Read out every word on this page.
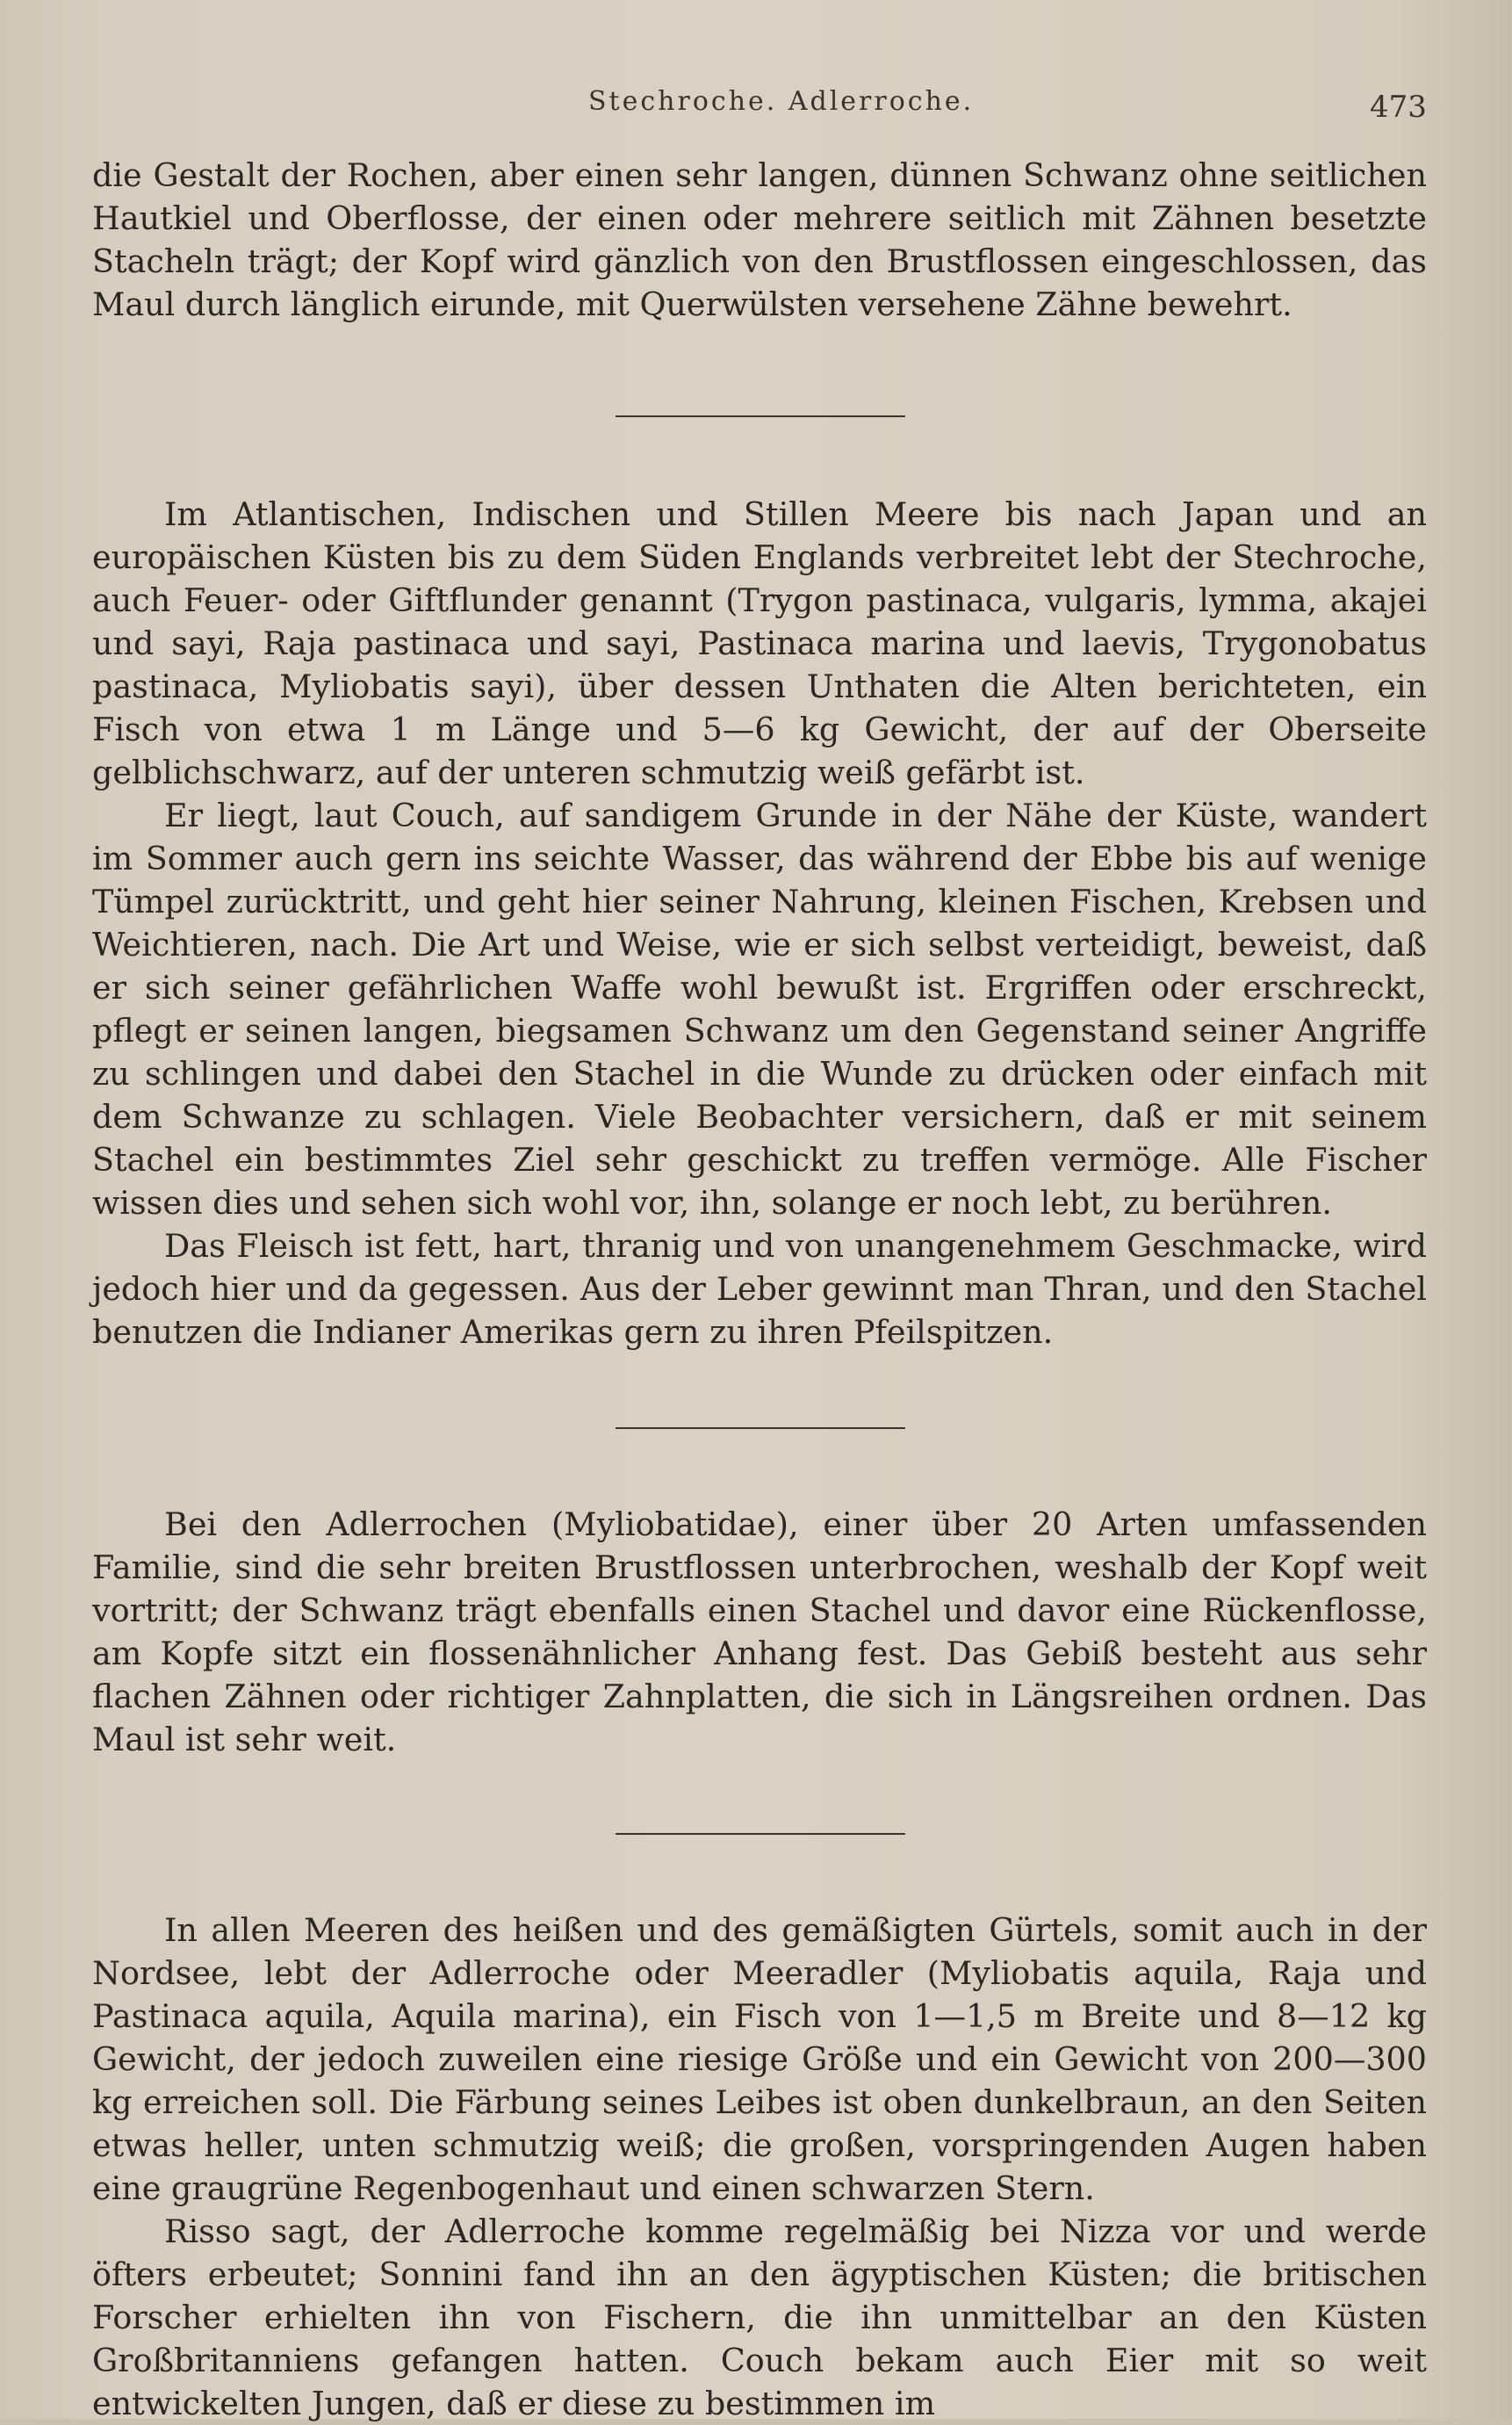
Stechroche. Adlerroche.	473

die Gestalt der Rochen, aber einen sehr langen, dünnen Schwanz ohne seitlichen Hautkiel und Oberflosse, der einen oder mehrere seitlich mit Zähnen besetzte Stacheln trägt; der Kopf wird gänzlich von den Brustflossen eingeschlossen, das Maul durch länglich eirunde, mit Querwülsten versehene Zähne bewehrt.

Im Atlantischen, Indischen und Stillen Meere bis nach Japan und an europäischen Küsten bis zu dem Süden Englands verbreitet lebt der Stechroche, auch Feuer- oder Giftflunder genannt (Trygon pastinaca, vulgaris, lymma, akajei und sayi, Raja pastinaca und sayi, Pastinaca marina und laevis, Trygonobatus pastinaca, Myliobatis sayi), über dessen Unthaten die Alten berichteten, ein Fisch von etwa 1 m Länge und 5—6 kg Gewicht, der auf der Oberseite gelblichschwarz, auf der unteren schmutzig weiß gefärbt ist.

Er liegt, laut Couch, auf sandigem Grunde in der Nähe der Küste, wandert im Sommer auch gern ins seichte Wasser, das während der Ebbe bis auf wenige Tümpel zurücktritt, und geht hier seiner Nahrung, kleinen Fischen, Krebsen und Weichtieren, nach. Die Art und Weise, wie er sich selbst verteidigt, beweist, daß er sich seiner gefährlichen Waffe wohl bewußt ist. Ergriffen oder erschreckt, pflegt er seinen langen, biegsamen Schwanz um den Gegenstand seiner Angriffe zu schlingen und dabei den Stachel in die Wunde zu drücken oder einfach mit dem Schwanze zu schlagen. Viele Beobachter versichern, daß er mit seinem Stachel ein bestimmtes Ziel sehr geschickt zu treffen vermöge. Alle Fischer wissen dies und sehen sich wohl vor, ihn, solange er noch lebt, zu berühren.

Das Fleisch ist fett, hart, thranig und von unangenehmem Geschmacke, wird jedoch hier und da gegessen. Aus der Leber gewinnt man Thran, und den Stachel benutzen die Indianer Amerikas gern zu ihren Pfeilspitzen.

Bei den Adlerrochen (Myliobatidae), einer über 20 Arten umfassenden Familie, sind die sehr breiten Brustflossen unterbrochen, weshalb der Kopf weit vortritt; der Schwanz trägt ebenfalls einen Stachel und davor eine Rückenflosse, am Kopfe sitzt ein flossenähnlicher Anhang fest. Das Gebiß besteht aus sehr flachen Zähnen oder richtiger Zahnplatten, die sich in Längsreihen ordnen. Das Maul ist sehr weit.

In allen Meeren des heißen und des gemäßigten Gürtels, somit auch in der Nordsee, lebt der Adlerroche oder Meeradler (Myliobatis aquila, Raja und Pastinaca aquila, Aquila marina), ein Fisch von 1—1,5 m Breite und 8—12 kg Gewicht, der jedoch zuweilen eine riesige Größe und ein Gewicht von 200—300 kg erreichen soll. Die Färbung seines Leibes ist oben dunkelbraun, an den Seiten etwas heller, unten schmutzig weiß; die großen, vorspringenden Augen haben eine graugrüne Regenbogenhaut und einen schwarzen Stern.

Risso sagt, der Adlerroche komme regelmäßig bei Nizza vor und werde öfters erbeutet; Sonnini fand ihn an den ägyptischen Küsten; die britischen Forscher erhielten ihn von Fischern, die ihn unmittelbar an den Küsten Großbritanniens gefangen hatten. Couch bekam auch Eier mit so weit entwickelten Jungen, daß er diese zu bestimmen im
